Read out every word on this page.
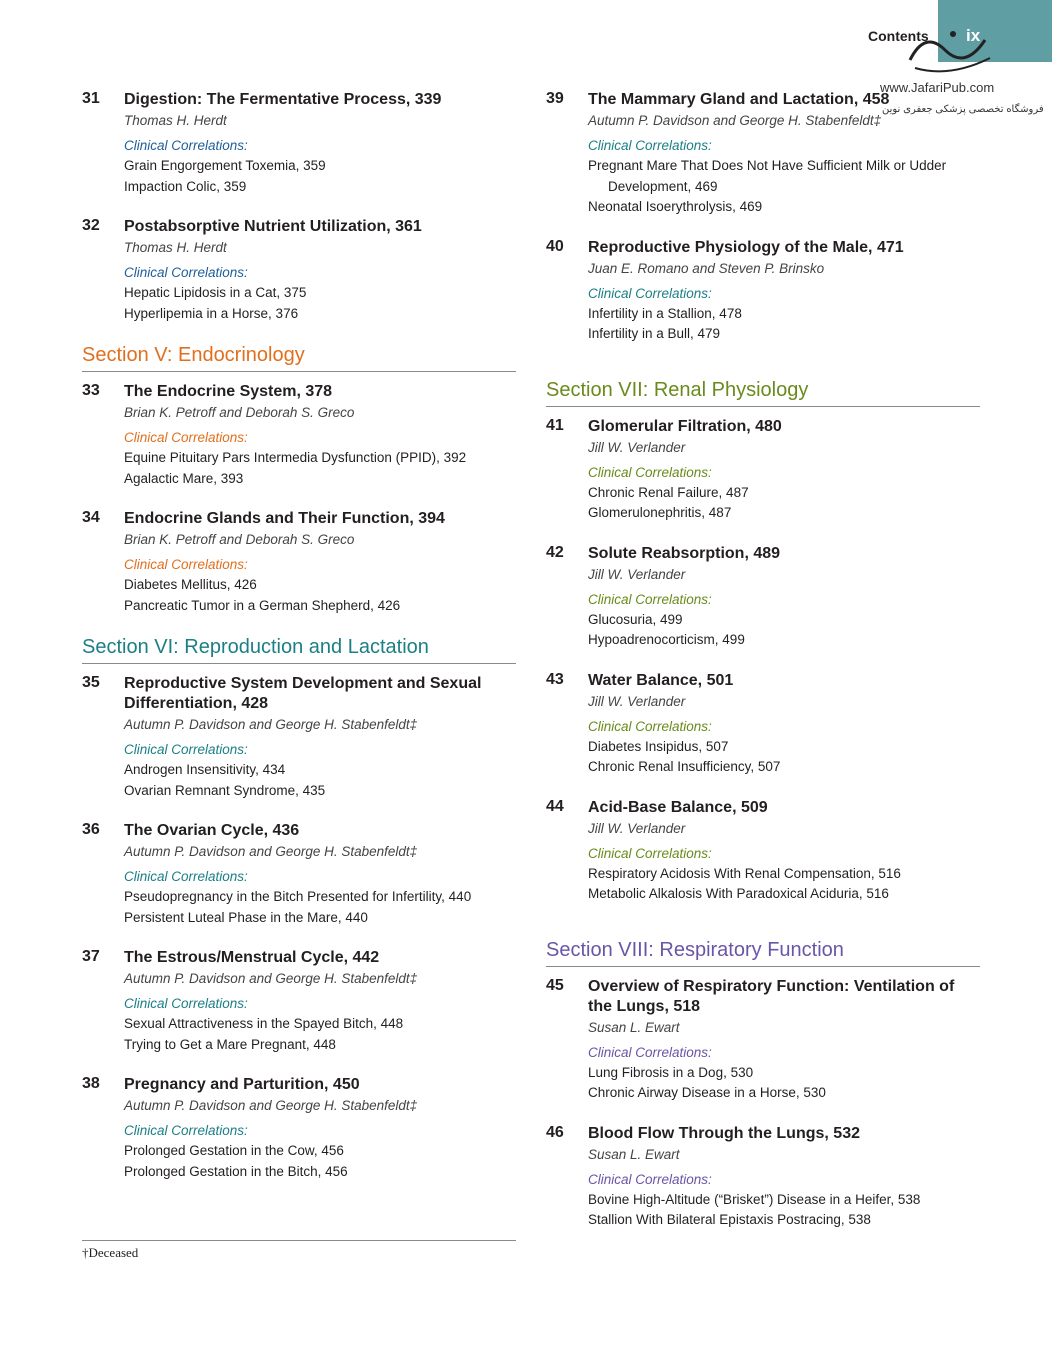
Contents ix
www.JafariPub.com
فروشگاه تخصصی پزشکی جعفری نوین
31 Digestion: The Fermentative Process, 339
Thomas H. Herdt
Clinical Correlations:
Grain Engorgement Toxemia, 359
Impaction Colic, 359
32 Postabsorptive Nutrient Utilization, 361
Thomas H. Herdt
Clinical Correlations:
Hepatic Lipidosis in a Cat, 375
Hyperlipemia in a Horse, 376
Section V: Endocrinology
33 The Endocrine System, 378
Brian K. Petroff and Deborah S. Greco
Clinical Correlations:
Equine Pituitary Pars Intermedia Dysfunction (PPID), 392
Agalactic Mare, 393
34 Endocrine Glands and Their Function, 394
Brian K. Petroff and Deborah S. Greco
Clinical Correlations:
Diabetes Mellitus, 426
Pancreatic Tumor in a German Shepherd, 426
Section VI: Reproduction and Lactation
35 Reproductive System Development and Sexual Differentiation, 428
Autumn P. Davidson and George H. Stabenfeldt‡
Clinical Correlations:
Androgen Insensitivity, 434
Ovarian Remnant Syndrome, 435
36 The Ovarian Cycle, 436
Autumn P. Davidson and George H. Stabenfeldt‡
Clinical Correlations:
Pseudopregnancy in the Bitch Presented for Infertility, 440
Persistent Luteal Phase in the Mare, 440
37 The Estrous/Menstrual Cycle, 442
Autumn P. Davidson and George H. Stabenfeldt‡
Clinical Correlations:
Sexual Attractiveness in the Spayed Bitch, 448
Trying to Get a Mare Pregnant, 448
38 Pregnancy and Parturition, 450
Autumn P. Davidson and George H. Stabenfeldt‡
Clinical Correlations:
Prolonged Gestation in the Cow, 456
Prolonged Gestation in the Bitch, 456
39 The Mammary Gland and Lactation, 458
Autumn P. Davidson and George H. Stabenfeldt‡
Clinical Correlations:
Pregnant Mare That Does Not Have Sufficient Milk or Udder Development, 469
Neonatal Isoerythrolysis, 469
40 Reproductive Physiology of the Male, 471
Juan E. Romano and Steven P. Brinsko
Clinical Correlations:
Infertility in a Stallion, 478
Infertility in a Bull, 479
Section VII: Renal Physiology
41 Glomerular Filtration, 480
Jill W. Verlander
Clinical Correlations:
Chronic Renal Failure, 487
Glomerulonephritis, 487
42 Solute Reabsorption, 489
Jill W. Verlander
Clinical Correlations:
Glucosuria, 499
Hypoadrenocorticism, 499
43 Water Balance, 501
Jill W. Verlander
Clinical Correlations:
Diabetes Insipidus, 507
Chronic Renal Insufficiency, 507
44 Acid-Base Balance, 509
Jill W. Verlander
Clinical Correlations:
Respiratory Acidosis With Renal Compensation, 516
Metabolic Alkalosis With Paradoxical Aciduria, 516
Section VIII: Respiratory Function
45 Overview of Respiratory Function: Ventilation of the Lungs, 518
Susan L. Ewart
Clinical Correlations:
Lung Fibrosis in a Dog, 530
Chronic Airway Disease in a Horse, 530
46 Blood Flow Through the Lungs, 532
Susan L. Ewart
Clinical Correlations:
Bovine High-Altitude (“Brisket”) Disease in a Heifer, 538
Stallion With Bilateral Epistaxis Postracing, 538
†Deceased
